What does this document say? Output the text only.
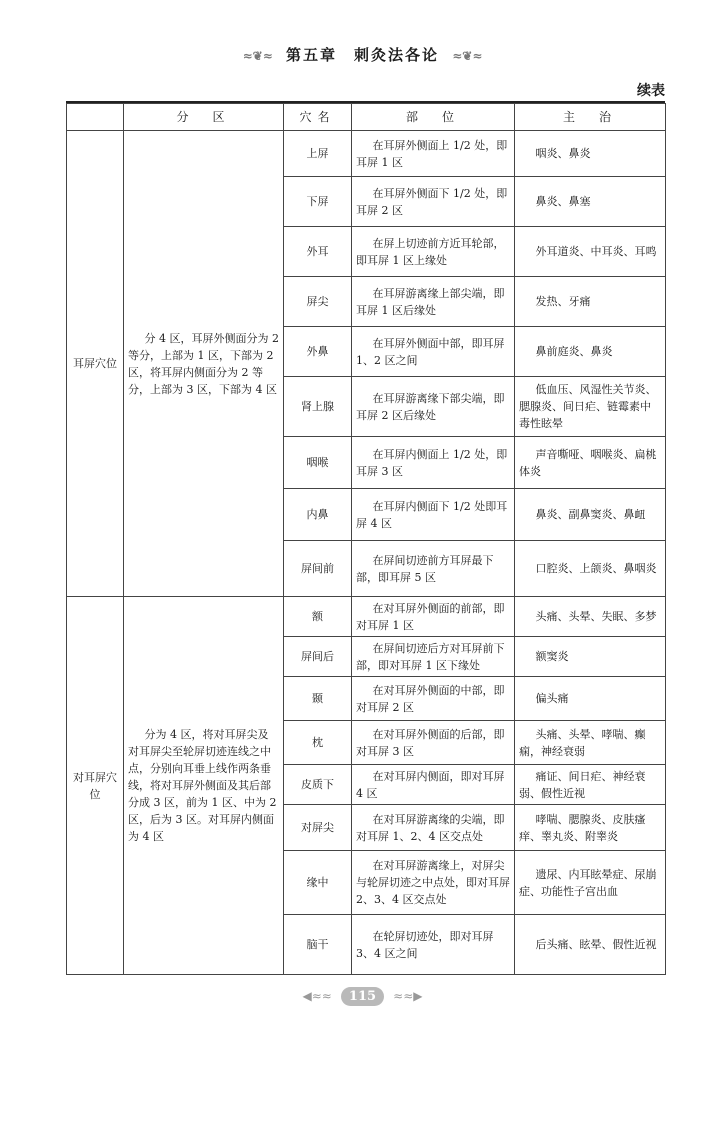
≈❦≈ 第五章　刺灸法各论 ≈❦≈
续表
	分　区	穴名	部　位	主　治
耳屏穴位	分 4 区，耳屏外侧面分为 2 等分，上部为 1 区，下部为 2 区，将耳屏内侧面分为 2 等分，上部为 3 区，下部为 4 区	上屏	在耳屏外侧面上 1/2 处，即耳屏 1 区	咽炎、鼻炎
		下屏	在耳屏外侧面下 1/2 处，即耳屏 2 区	鼻炎、鼻塞
		外耳	在屏上切迹前方近耳轮部，即耳屏 1 区上缘处	外耳道炎、中耳炎、耳鸣
		屏尖	在耳屏游离缘上部尖端，即耳屏 1 区后缘处	发热、牙痛
		外鼻	在耳屏外侧面中部，即耳屏 1、2 区之间	鼻前庭炎、鼻炎
		肾上腺	在耳屏游离缘下部尖端，即耳屏 2 区后缘处	低血压、风湿性关节炎、腮腺炎、间日疟、链霉素中毒性眩晕
		咽喉	在耳屏内侧面上 1/2 处，即耳屏 3 区	声音嘶哑、咽喉炎、扁桃体炎
		内鼻	在耳屏内侧面下 1/2 处即耳屏 4 区	鼻炎、副鼻窦炎、鼻衄
		屏间前	在屏间切迹前方耳屏最下部，即耳屏 5 区	口腔炎、上颌炎、鼻咽炎
对耳屏穴位	分为 4 区，将对耳屏尖及对耳屏尖至轮屏切迹连线之中点，分别向耳垂上线作两条垂线，将对耳屏外侧面及其后部分成 3 区，前为 1 区、中为 2 区，后为 3 区。对耳屏内侧面为 4 区	额	在对耳屏外侧面的前部，即对耳屏 1 区	头痛、头晕、失眠、多梦
		屏间后	在屏间切迹后方对耳屏前下部，即对耳屏 1 区下缘处	额窦炎
		颞	在对耳屏外侧面的中部，即对耳屏 2 区	偏头痛
		枕	在对耳屏外侧面的后部，即对耳屏 3 区	头痛、头晕、哮喘、癫痫，神经衰弱
		皮质下	在对耳屏内侧面，即对耳屏 4 区	痛证、间日疟、神经衰弱、假性近视
		对屏尖	在对耳屏游离缘的尖端，即对耳屏 1、2、4 区交点处	哮喘、腮腺炎、皮肤瘙痒、睾丸炎、附睾炎
		缘中	在对耳屏游离缘上，对屏尖与轮屏切迹之中点处，即对耳屏 2、3、4 区交点处	遗尿、内耳眩晕症、尿崩症、功能性子宫出血
		脑干	在轮屏切迹处，即对耳屏 3、4 区之间	后头痛、眩晕、假性近视
◀≈≈ 115 ≈≈▶
